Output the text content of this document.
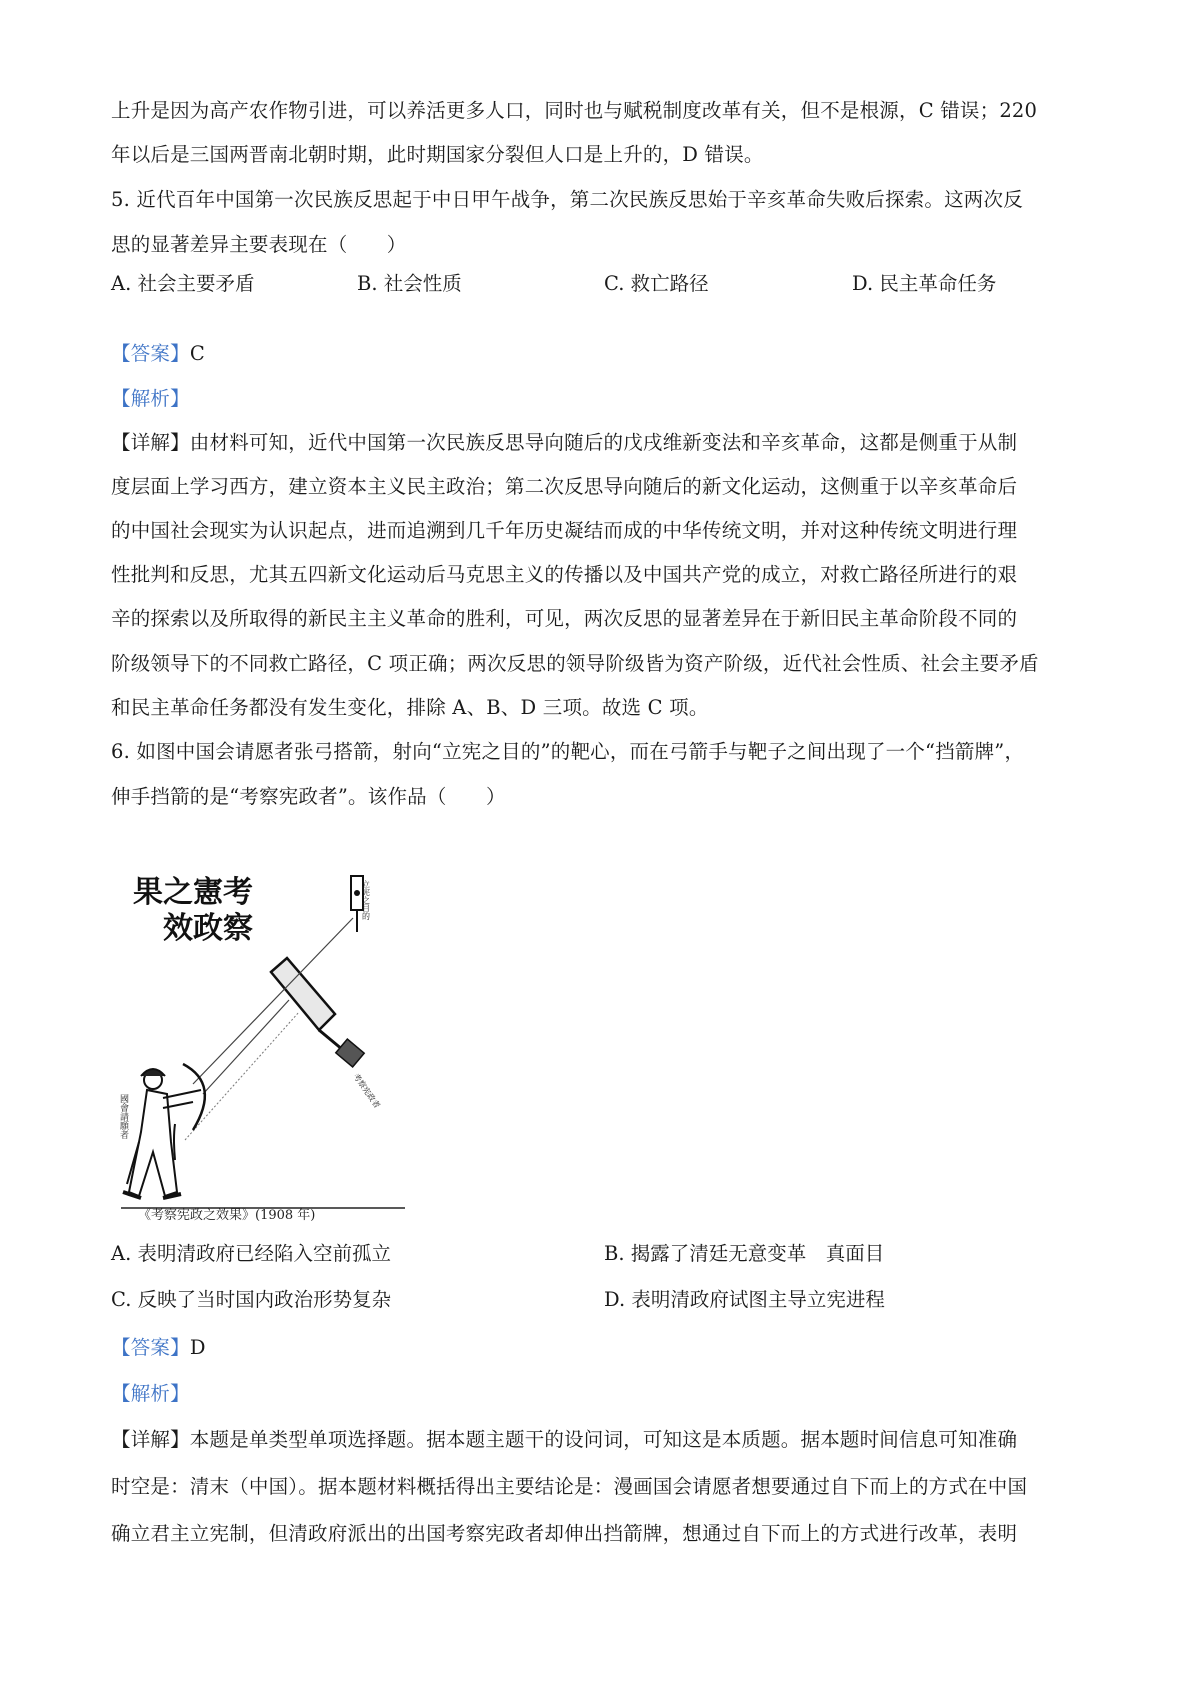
上升是因为高产农作物引进，可以养活更多人口，同时也与赋税制度改革有关，但不是根源，C 错误；220
年以后是三国两晋南北朝时期，此时期国家分裂但人口是上升的，D 错误。
5. 近代百年中国第一次民族反思起于中日甲午战争，第二次民族反思始于辛亥革命失败后探索。这两次反
思的显著差异主要表现在（　　）
A. 社会主要矛盾	B. 社会性质	C. 救亡路径	D. 民主革命任务
【答案】C
【解析】
【详解】由材料可知，近代中国第一次民族反思导向随后的戊戌维新变法和辛亥革命，这都是侧重于从制
度层面上学习西方，建立资本主义民主政治；第二次反思导向随后的新文化运动，这侧重于以辛亥革命后
的中国社会现实为认识起点，进而追溯到几千年历史凝结而成的中华传统文明，并对这种传统文明进行理
性批判和反思，尤其五四新文化运动后马克思主义的传播以及中国共产党的成立，对救亡路径所进行的艰
辛的探索以及所取得的新民主主义革命的胜利，可见，两次反思的显著差异在于新旧民主革命阶段不同的
阶级领导下的不同救亡路径，C 项正确；两次反思的领导阶级皆为资产阶级，近代社会性质、社会主要矛盾
和民主革命任务都没有发生变化，排除 A、B、D 三项。故选 C 项。
6. 如图中国会请愿者张弓搭箭，射向“立宪之目的”的靶心，而在弓箭手与靶子之间出现了一个“挡箭牌”，
伸手挡箭的是“考察宪政者”。该作品（　　）
果之憲考
效政察
立宪之目的
考察宪政者
國會請願者
《考察宪政之效果》(1908 年)
A. 表明清政府已经陷入空前孤立	B. 揭露了清廷无意变革　真面目
C. 反映了当时国内政治形势复杂	D. 表明清政府试图主导立宪进程
【答案】D
【解析】
【详解】本题是单类型单项选择题。据本题主题干的设问词，可知这是本质题。据本题时间信息可知准确
时空是：清末（中国）。据本题材料概括得出主要结论是：漫画国会请愿者想要通过自下而上的方式在中国
确立君主立宪制，但清政府派出的出国考察宪政者却伸出挡箭牌，想通过自下而上的方式进行改革，表明
